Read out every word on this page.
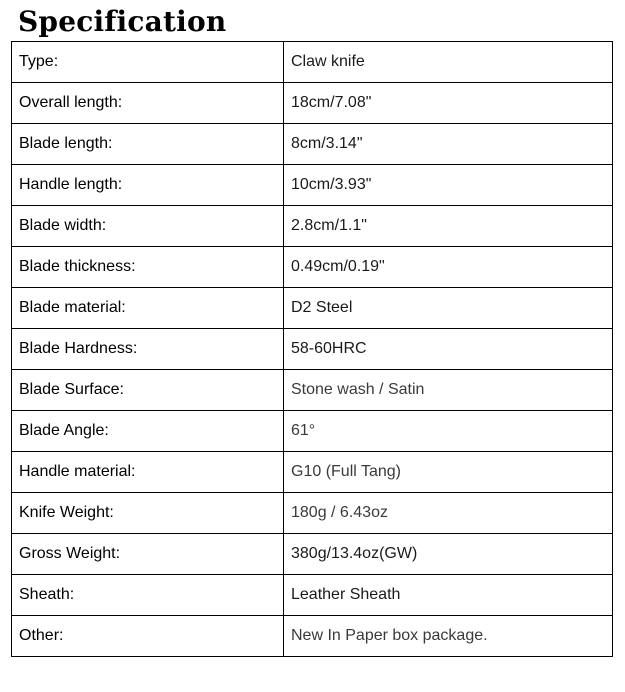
Specification
Type:	Claw knife
Overall length:	18cm/7.08"
Blade length:	8cm/3.14"
Handle length:	10cm/3.93"
Blade width:	2.8cm/1.1"
Blade thickness:	0.49cm/0.19"
Blade material:	D2 Steel
Blade Hardness:	58-60HRC
Blade Surface:	Stone wash / Satin
Blade Angle:	61°
Handle material:	G10 (Full Tang)
Knife Weight:	180g / 6.43oz
Gross Weight:	380g/13.4oz(GW)
Sheath:	Leather Sheath
Other:	New In Paper box package.
